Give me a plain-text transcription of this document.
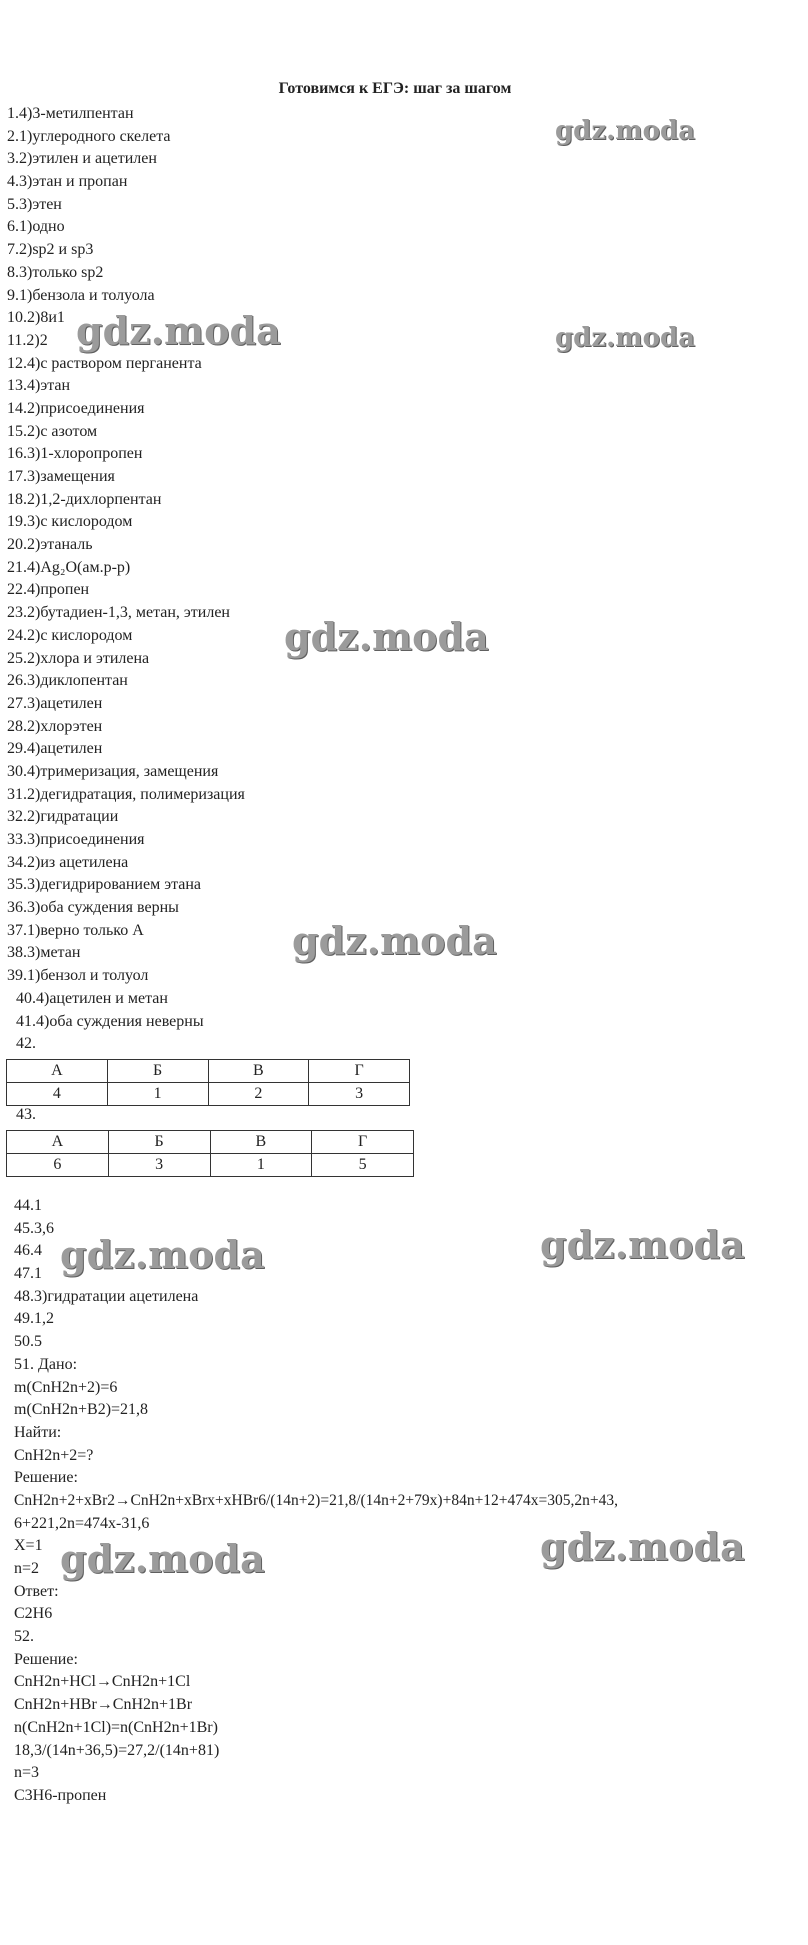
Готовимся к ЕГЭ: шаг за шагом
1.4)3-метилпентан
2.1)углеродного скелета
3.2)этилен и ацетилен
4.3)этан и пропан
5.3)этен
6.1)одно
7.2)sp2 и sp3
8.3)только sp2
9.1)бензола и толуола
10.2)8и1
11.2)2
12.4)с раствором перганента
13.4)этан
14.2)присоединения
15.2)с азотом
16.3)1-хлоропропен
17.3)замещения
18.2)1,2-дихлорпентан
19.3)с кислородом
20.2)этаналь
21.4)Ag₂O(ам.р-р)
22.4)пропен
23.2)бутадиен-1,3, метан, этилен
24.2)с кислородом
25.2)хлора и этилена
26.3)диклопентан
27.3)ацетилен
28.2)хлорэтен
29.4)ацетилен
30.4)тримеризация, замещения
31.2)дегидратация, полимеризация
32.2)гидратации
33.3)присоединения
34.2)из ацетилена
35.3)дегидрированием этана
36.3)оба суждения верны
37.1)верно только А
38.3)метан
39.1)бензол и толуол
40.4)ацетилен и метан
41.4)оба суждения неверны
42.
А	Б	В	Г
4	1	2	3
43.
А	Б	В	Г
6	3	1	5
44.1
45.3,6
46.4
47.1
48.3)гидратации ацетилена
49.1,2
50.5
51. Дано:
m(CnH2n+2)=6
m(CnH2n+B2)=21,8
Найти:
CnH2n+2=?
Решение:
CnH2n+2+xBr2→CnH2n+xBrx+xHBr6/(14n+2)=21,8/(14n+2+79x)+84n+12+474x=305,2n+43,
6+221,2n=474x-31,6
X=1
n=2
Ответ:
C2H6
52.
Решение:
CnH2n+HCl→CnH2n+1Cl
CnH2n+HBr→CnH2n+1Br
n(CnH2n+1Cl)=n(CnH2n+1Br)
18,3/(14n+36,5)=27,2/(14n+81)
n=3
C3H6-пропен
gdz.moda
gdz.moda	gdz.moda
gdz.moda
gdz.moda
gdz.moda
gdz.moda
gdz.moda
gdz.moda
